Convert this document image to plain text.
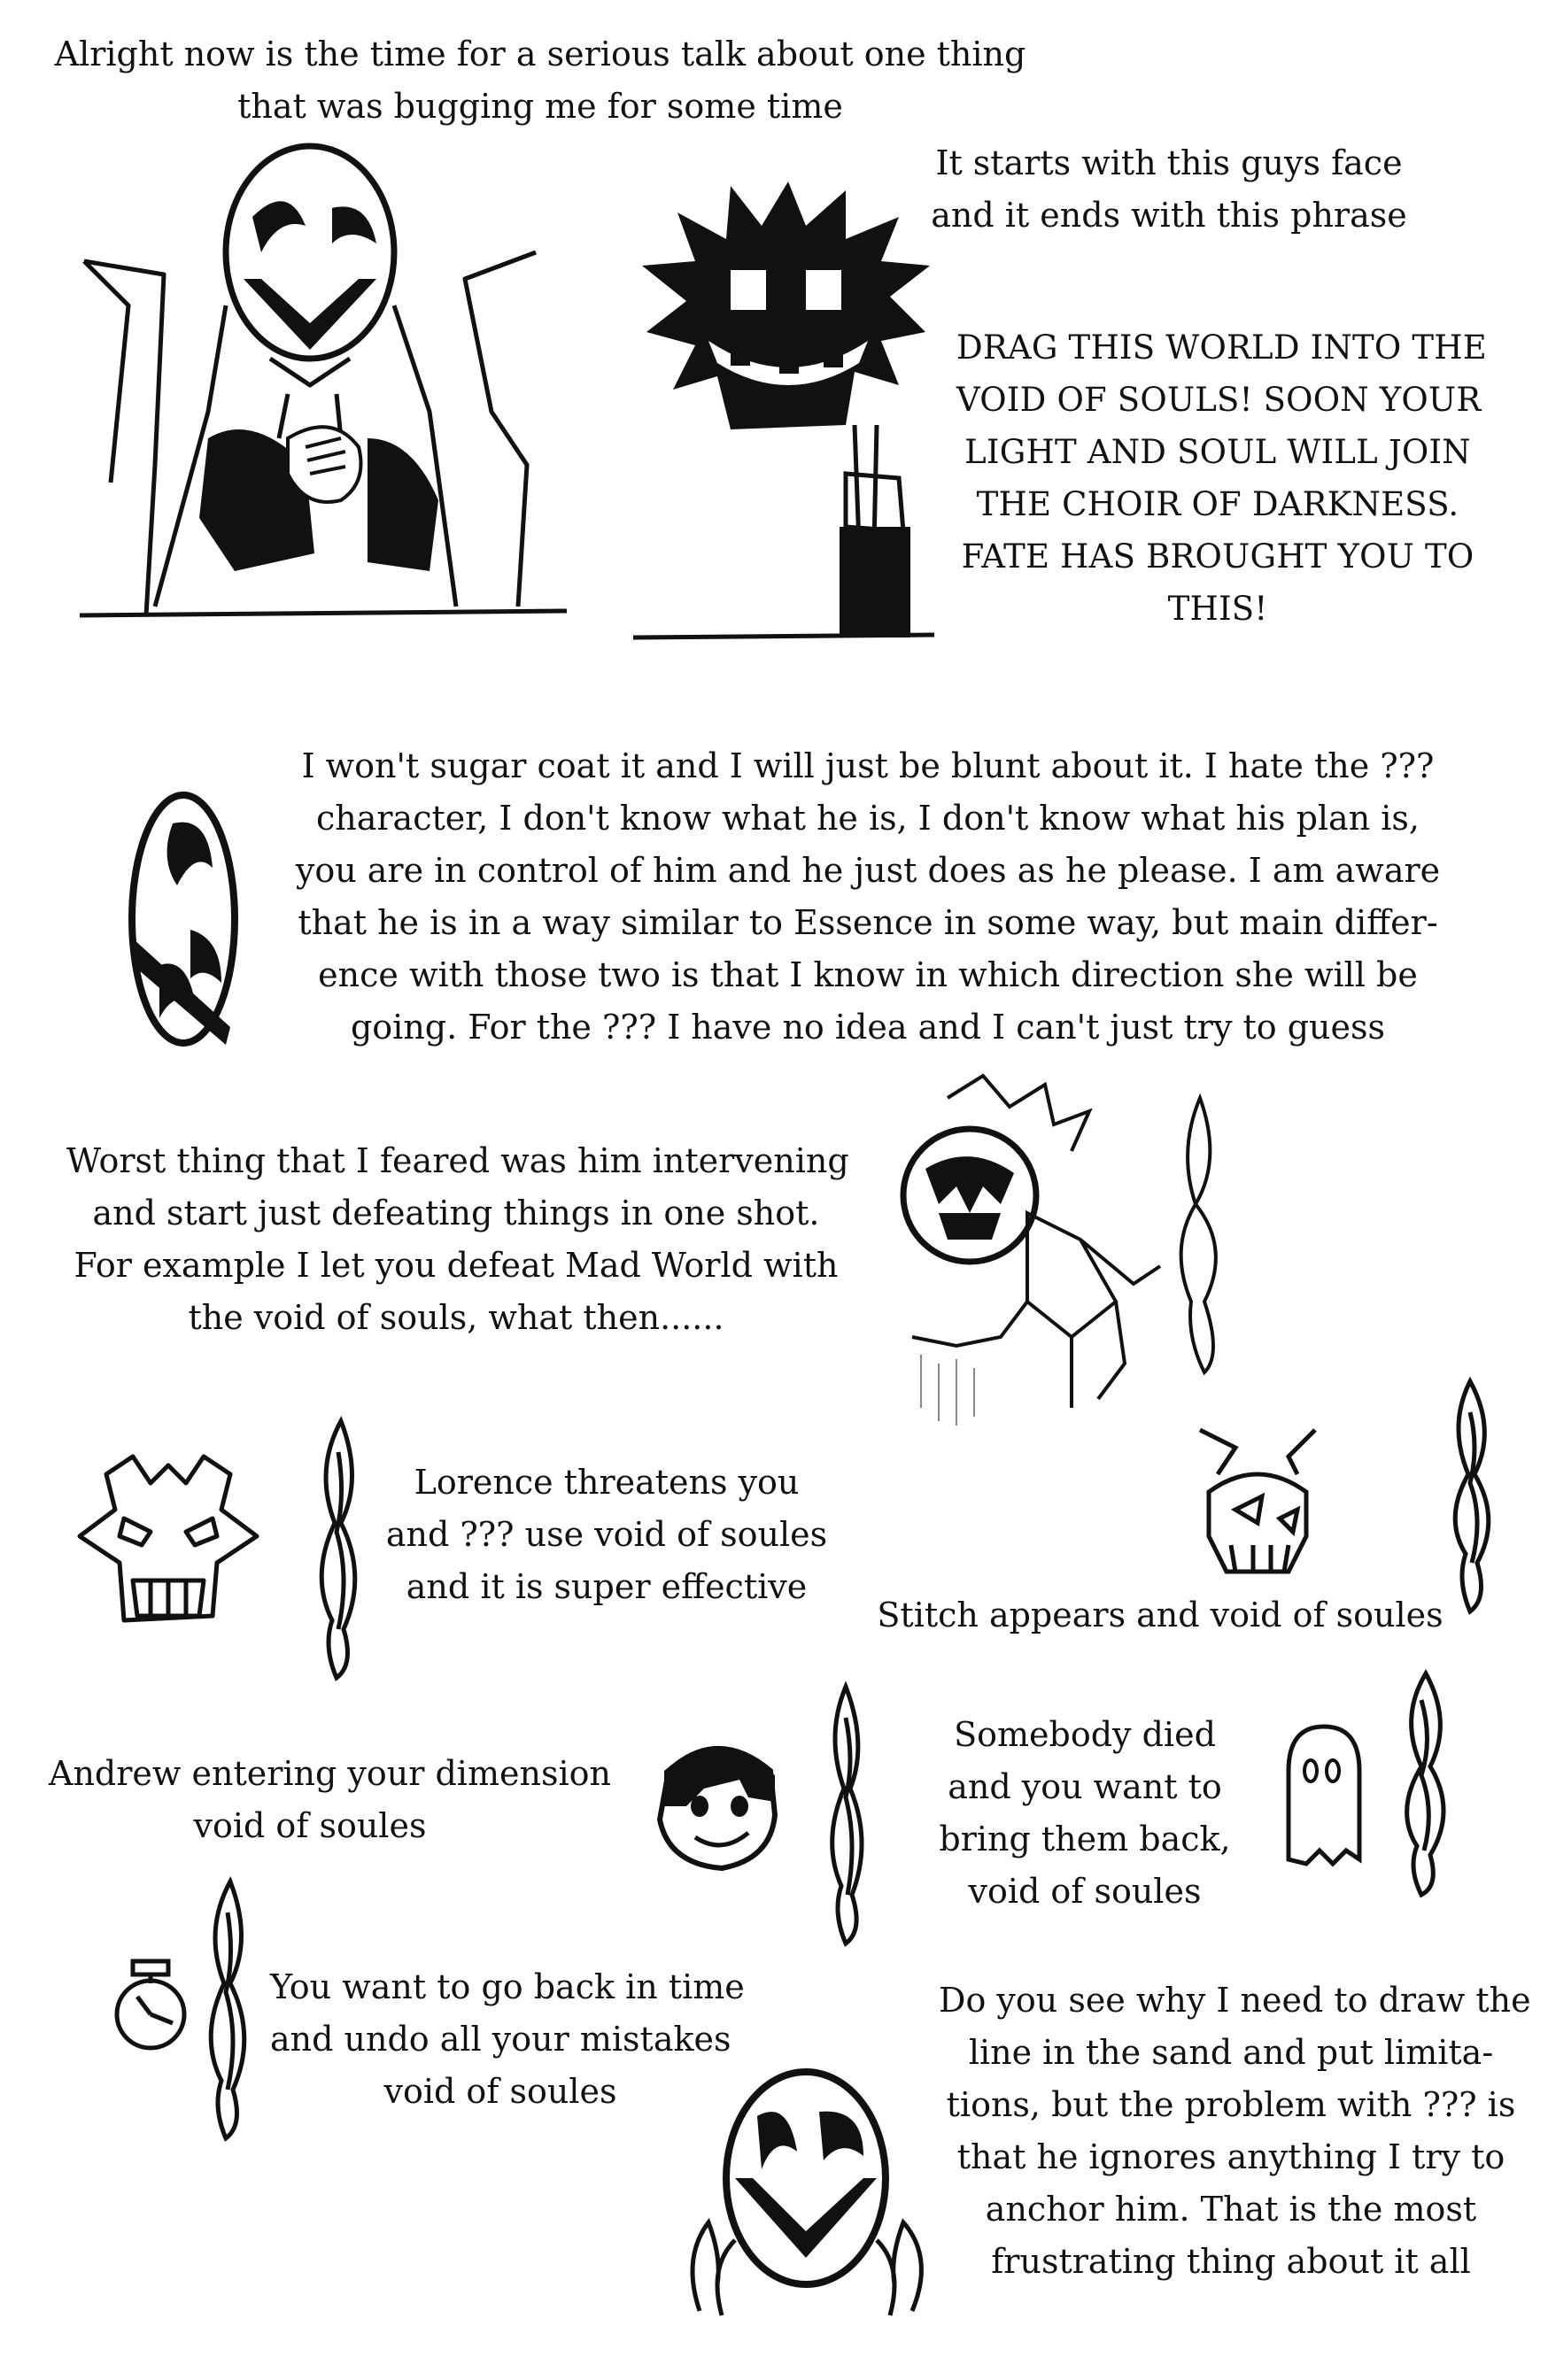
Alright now is the time for a serious talk about one thing
that was bugging me for some time
It starts with this guys face
and it ends with this phrase
DRAG THIS WORLD INTO THE
VOID OF SOULS! SOON YOUR
LIGHT AND SOUL WILL JOIN
THE CHOIR OF DARKNESS.
FATE HAS BROUGHT YOU TO
THIS!
I won't sugar coat it and I will just be blunt about it. I hate the ???
character, I don't know what he is, I don't know what his plan is,
you are in control of him and he just does as he please. I am aware
that he is in a way similar to Essence in some way, but main differ-
ence with those two is that I know in which direction she will be
going. For the ??? I have no idea and I can't just try to guess
Worst thing that I feared was him intervening
and start just defeating things in one shot.
For example I let you defeat Mad World with
the void of souls, what then......
Lorence threatens you
and ??? use void of soules
and it is super effective
Stitch appears and void of soules
Andrew entering your dimension
void of soules
Somebody died
and you want to
bring them back,
void of soules
You want to go back in time
and undo all your mistakes
void of soules
Do you see why I need to draw the
line in the sand and put limita-
tions, but the problem with ??? is
that he ignores anything I try to
anchor him. That is the most
frustrating thing about it all
